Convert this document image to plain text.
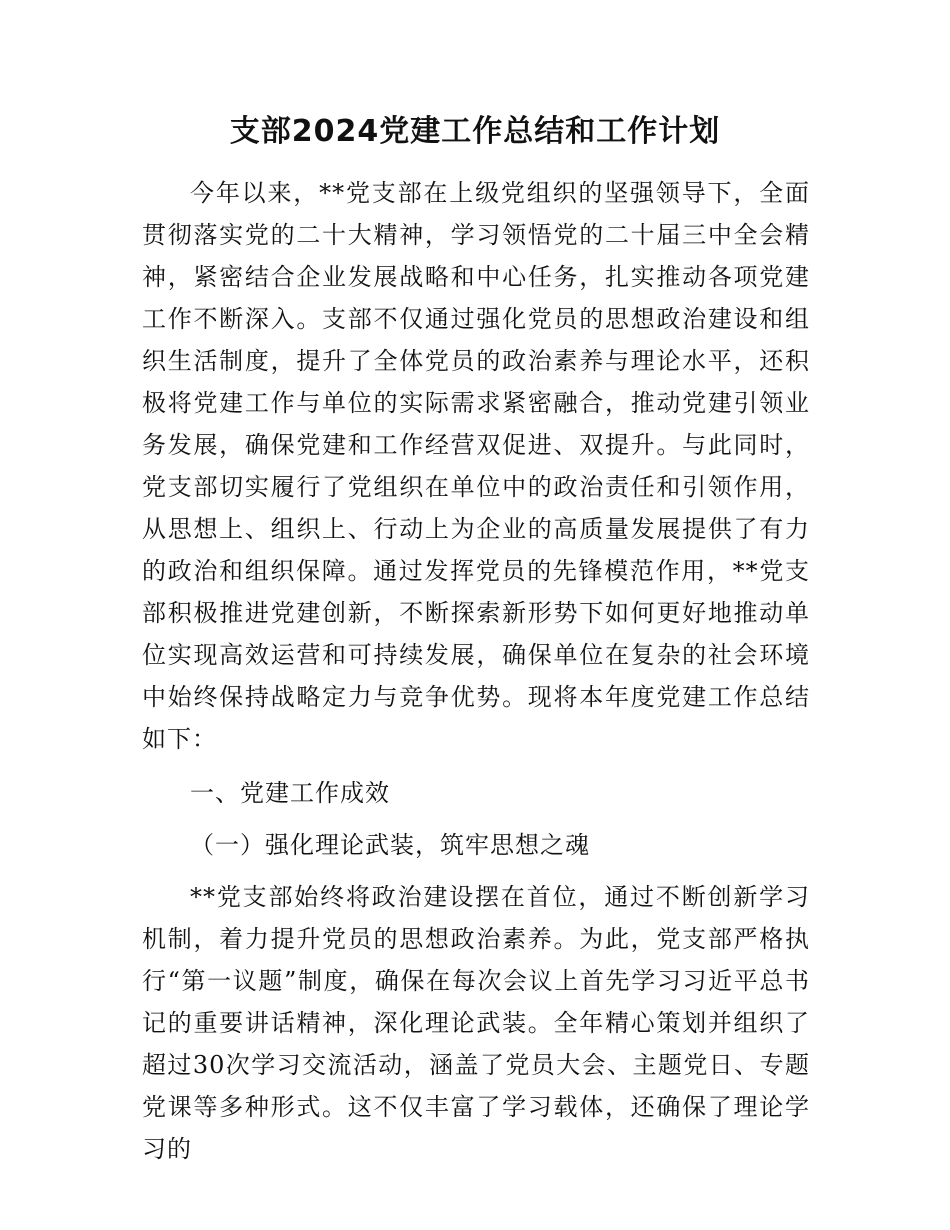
支部2024党建工作总结和工作计划

今年以来，**党支部在上级党组织的坚强领导下，全面贯彻落实党的二十大精神，学习领悟党的二十届三中全会精神，紧密结合企业发展战略和中心任务，扎实推动各项党建工作不断深入。支部不仅通过强化党员的思想政治建设和组织生活制度，提升了全体党员的政治素养与理论水平，还积极将党建工作与单位的实际需求紧密融合，推动党建引领业务发展，确保党建和工作经营双促进、双提升。与此同时，党支部切实履行了党组织在单位中的政治责任和引领作用，从思想上、组织上、行动上为企业的高质量发展提供了有力的政治和组织保障。通过发挥党员的先锋模范作用，**党支部积极推进党建创新，不断探索新形势下如何更好地推动单位实现高效运营和可持续发展，确保单位在复杂的社会环境中始终保持战略定力与竞争优势。现将本年度党建工作总结如下：

一、党建工作成效

（一）强化理论武装，筑牢思想之魂

**党支部始终将政治建设摆在首位，通过不断创新学习机制，着力提升党员的思想政治素养。为此，党支部严格执行“第一议题”制度，确保在每次会议上首先学习习近平总书记的重要讲话精神，深化理论武装。全年精心策划并组织了超过30次学习交流活动，涵盖了党员大会、主题党日、专题党课等多种形式。这不仅丰富了学习载体，还确保了理论学习的
